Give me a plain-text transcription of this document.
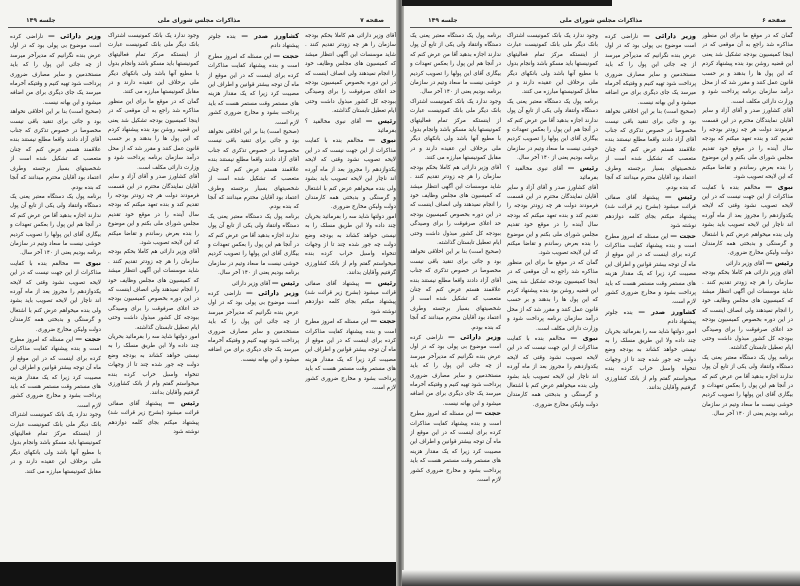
صفحه ۷
مذاکرات مجلس شورای ملی
جلسه ۱۴۹

آقای وزیر دارائی هم کاملا بحکم بودجه سازمان را هر چه زودتر تقدیم کنند . شاید موسسات این آگهی انتظار میشد که کمیسیون های مجلس وظایف خود را انجام نمیدهند ولی انصاف اینست که در این دوره بخصوص کمیسیون بودجه حد اعلای صرفوقت را برای وصیدگی ببودجه کل کشور مبذول داشت وحتی ایام تعطیل تابستان گذاشته.

رئیس — آقای نبوی مخالفید ؟ بفرمائید

نبوی — مخالفم بنده با کفایت مذاکرات از این جهت نیست که در این لایحه تصویب نشود وقتی که لایحه یکدوازدهم را مجروز بعد از ماه آورده اند ناچار این لایحه تصویب باید بشود ولی بنده میخواهم عرض کنم با اشتغال و گرسنگی و بدبختی همه کارمندان دولت ولیکن مخارج ضروری.

امور دولتها شاید سه را بفرمائید بحریان چند داده ولا این طریق مسلک را به نیستی خواهد کشاند به بودجه وضع دولت چه جور شده چند تا از وجهات تنخواه واسبل خراب کرده بنده میخواستم گفتم وام از بانک کشاورزی گرفتیم وآقایان بدانند.

رئیس — پیشنهاد آقای صفائی قرائت میشود (بشرح زیر قرائت شد) پیشنهاد میکنم بجای کلمه دوازدهم نوشته شود

حجت — این مسئله که امروز مطرح است و بنده پیشنهاد کفایت مذاکرات کرده برای اینست که در این موقع از ماه آن توجه بیشتر قوانین و اطراف این مصیبت کرد زیرا که یک مقدار هزینه های مستمر وقت مستمر هست که باید پرداخت بشود و مخارج ضروری کشور لازم است.

کشاورز صدر — بنده جلوتر پیشنهاد دادم

حجت — این مسئله که امروز مطرح است و بنده پیشنهاد کفایت مذاکرات کرده برای اینست که در این موقع از ماه آن توجه بیشتر قوانین و اطراف این مصیبت کرد زیرا که یک مقدار هزینه های مستمر وقت مستمر هست که باید پرداخت بشود و مخارج ضروری کشور لازم است.

(صحیح است) بنا بر این اخلاقی نخواهد بود و جائی برای تنقید باقی نیست مخصوصا در خصوص تذکری که جناب آقای آزاد دادند واقعا مطلع نیستند بنده علاقمند هستم عرض کنم که چنان متعصب که تشکیل شده است از شخصیتهای بسیار برجسته وطرف اعتماد بود آقایان محترم میدانند که آنجا که بنده بودم.

برنامه پول یک دستگاه معتبر یعنی یک دستگاه وانتقاد ولی یکی از تابع آن پول ندارند اجازه بدهید آقا من عرض کنم که در آنجا هم این پول را بعکس تعهدات و بیگاری آقای این پولها را تصویب کردیم خوشی نیست ما سعاد وتیم در سازمان برنامه بودیم یعنی از ۱۴۰ آخر سال.

رئیس — آقای وزیر دارائی

وزیر دارائی — ناراضی کرده است موضوع بی پولی بود که در اول عرض بنده نگرانیم که مدیرآخر میرسد از چه جائی این پول را که باید مستخدمین و سایر مصارف ضروری پرداخت شود تهیه کنیم و وقتیکه آخرماه میرسد یک جای دیگری برای من اضافه میشود و این بهانه نیست.

وجود ندارد یک بانک کمونیست اشتراک بانک دیگر ملی بانک کمونیست عبارت از اینستکه مرکز تمام فعالیتهای کمونیستها باید مسکو باشد وانجام بدول با مطیع آنها باشد ولی بانکهای دیگر ملی برخلاف این عقیده دارند و در مقابل کمونیستها مبارزه می کنند.

گمان که در موقع ما برای این منظور مذاکره شد راجع به آن موقعی که در اینجا کمیسیون بودجه تشکیل شد یعنی این قضیه روشن بود بنده پیشنهاد کردم که این پول ها را بدهند و بر حسب قانون عمل کنند و مقرر شد که از محل درآمد سازمان برنامه پرداخت شود و وزارت دارائی مکلف است.

آقای کشاورز صدر و آقای آزاد و سایر آقایان نمایندگان محترم در این قسمت فرمودند دولت هر چه زودتر بودجه را تقدیم کند و بنده تعهد میکنم که بودجه سال آینده را در موقع خود تقدیم مجلس شورای ملی بکنم و این موضوع را بنده بعرض رساندم و تقاضا میکنم که این لایحه تصویب شود.

آقای وزیر دارائی هم کاملا بحکم بودجه سازمان را هر چه زودتر تقدیم کنند . شاید موسسات این آگهی انتظار میشد که کمیسیون های مجلس وظایف خود را انجام نمیدهند ولی انصاف اینست که در این دوره بخصوص کمیسیون بودجه حد اعلای صرفوقت را برای وصیدگی ببودجه کل کشور مبذول داشت وحتی ایام تعطیل تابستان گذاشته.

امور دولتها شاید سه را بفرمائید بحریان چند داده ولا این طریق مسلک را به نیستی خواهد کشاند به بودجه وضع دولت چه جور شده چند تا از وجهات تنخواه واسبل خراب کرده بنده میخواستم گفتم وام از بانک کشاورزی گرفتیم وآقایان بدانند.

رئیس — پیشنهاد آقای صفائی قرائت میشود (بشرح زیر قرائت شد) پیشنهاد میکنم بجای کلمه دوازدهم نوشته شود

وزیر دارائی — ناراضی کرده است موضوع بی پولی بود که در اول عرض بنده نگرانیم که مدیرآخر میرسد از چه جائی این پول را که باید مستخدمین و سایر مصارف ضروری پرداخت شود تهیه کنیم و وقتیکه آخرماه میرسد یک جای دیگری برای من اضافه میشود و این بهانه نیست.

(صحیح است) بنا بر این اخلاقی نخواهد بود و جائی برای تنقید باقی نیست مخصوصا در خصوص تذکری که جناب آقای آزاد دادند واقعا مطلع نیستند بنده علاقمند هستم عرض کنم که چنان متعصب که تشکیل شده است از شخصیتهای بسیار برجسته وطرف اعتماد بود آقایان محترم میدانند که آنجا که بنده بودم.

برنامه پول یک دستگاه معتبر یعنی یک دستگاه وانتقاد ولی یکی از تابع آن پول ندارند اجازه بدهید آقا من عرض کنم که در آنجا هم این پول را بعکس تعهدات و بیگاری آقای این پولها را تصویب کردیم خوشی نیست ما سعاد وتیم در سازمان برنامه بودیم یعنی از ۱۴۰ آخر سال.

نبوی — مخالفم بنده با کفایت مذاکرات از این جهت نیست که در این لایحه تصویب نشود وقتی که لایحه یکدوازدهم را مجروز بعد از ماه آورده اند ناچار این لایحه تصویب باید بشود ولی بنده میخواهم عرض کنم با اشتغال و گرسنگی و بدبختی همه کارمندان دولت ولیکن مخارج ضروری.

حجت — این مسئله که امروز مطرح است و بنده پیشنهاد کفایت مذاکرات کرده برای اینست که در این موقع از ماه آن توجه بیشتر قوانین و اطراف این مصیبت کرد زیرا که یک مقدار هزینه های مستمر وقت مستمر هست که باید پرداخت بشود و مخارج ضروری کشور لازم است.

وجود ندارد یک بانک کمونیست اشتراک بانک دیگر ملی بانک کمونیست عبارت از اینستکه مرکز تمام فعالیتهای کمونیستها باید مسکو باشد وانجام بدول با مطیع آنها باشد ولی بانکهای دیگر ملی برخلاف این عقیده دارند و در مقابل کمونیستها مبارزه می کنند.

صفحه ۶
مذاکرات مجلس شورای ملی
جلسه ۱۴۹

گمان که در موقع ما برای این منظور مذاکره شد راجع به آن موقعی که در اینجا کمیسیون بودجه تشکیل شد یعنی این قضیه روشن بود بنده پیشنهاد کردم که این پول ها را بدهند و بر حسب قانون عمل کنند و مقرر شد که از محل درآمد سازمان برنامه پرداخت شود و وزارت دارائی مکلف است.

آقای کشاورز صدر و آقای آزاد و سایر آقایان نمایندگان محترم در این قسمت فرمودند دولت هر چه زودتر بودجه را تقدیم کند و بنده تعهد میکنم که بودجه سال آینده را در موقع خود تقدیم مجلس شورای ملی بکنم و این موضوع را بنده بعرض رساندم و تقاضا میکنم که این لایحه تصویب شود.

نبوی — مخالفم بنده با کفایت مذاکرات از این جهت نیست که در این لایحه تصویب نشود وقتی که لایحه یکدوازدهم را مجروز بعد از ماه آورده اند ناچار این لایحه تصویب باید بشود ولی بنده میخواهم عرض کنم با اشتغال و گرسنگی و بدبختی همه کارمندان دولت ولیکن مخارج ضروری.

رئیس — آقای وزیر دارائی

آقای وزیر دارائی هم کاملا بحکم بودجه سازمان را هر چه زودتر تقدیم کنند . شاید موسسات این آگهی انتظار میشد که کمیسیون های مجلس وظایف خود را انجام نمیدهند ولی انصاف اینست که در این دوره بخصوص کمیسیون بودجه حد اعلای صرفوقت را برای وصیدگی ببودجه کل کشور مبذول داشت وحتی ایام تعطیل تابستان گذاشته.

برنامه پول یک دستگاه معتبر یعنی یک دستگاه وانتقاد ولی یکی از تابع آن پول ندارند اجازه بدهید آقا من عرض کنم که در آنجا هم این پول را بعکس تعهدات و بیگاری آقای این پولها را تصویب کردیم خوشی نیست ما سعاد وتیم در سازمان برنامه بودیم یعنی از ۱۴۰ آخر سال.

وزیر دارائی — ناراضی کرده است موضوع بی پولی بود که در اول عرض بنده نگرانیم که مدیرآخر میرسد از چه جائی این پول را که باید مستخدمین و سایر مصارف ضروری پرداخت شود تهیه کنیم و وقتیکه آخرماه میرسد یک جای دیگری برای من اضافه میشود و این بهانه نیست.

(صحیح است) بنا بر این اخلاقی نخواهد بود و جائی برای تنقید باقی نیست مخصوصا در خصوص تذکری که جناب آقای آزاد دادند واقعا مطلع نیستند بنده علاقمند هستم عرض کنم که چنان متعصب که تشکیل شده است از شخصیتهای بسیار برجسته وطرف اعتماد بود آقایان محترم میدانند که آنجا که بنده بودم.

رئیس — پیشنهاد آقای صفائی قرائت میشود (بشرح زیر قرائت شد) پیشنهاد میکنم بجای کلمه دوازدهم نوشته شود

حجت — این مسئله که امروز مطرح است و بنده پیشنهاد کفایت مذاکرات کرده برای اینست که در این موقع از ماه آن توجه بیشتر قوانین و اطراف این مصیبت کرد زیرا که یک مقدار هزینه های مستمر وقت مستمر هست که باید پرداخت بشود و مخارج ضروری کشور لازم است.

کشاورز صدر — بنده جلوتر پیشنهاد دادم

امور دولتها شاید سه را بفرمائید بحریان چند داده ولا این طریق مسلک را به نیستی خواهد کشاند به بودجه وضع دولت چه جور شده چند تا از وجهات تنخواه واسبل خراب کرده بنده میخواستم گفتم وام از بانک کشاورزی گرفتیم وآقایان بدانند.

وجود ندارد یک بانک کمونیست اشتراک بانک دیگر ملی بانک کمونیست عبارت از اینستکه مرکز تمام فعالیتهای کمونیستها باید مسکو باشد وانجام بدول با مطیع آنها باشد ولی بانکهای دیگر ملی برخلاف این عقیده دارند و در مقابل کمونیستها مبارزه می کنند.

برنامه پول یک دستگاه معتبر یعنی یک دستگاه وانتقاد ولی یکی از تابع آن پول ندارند اجازه بدهید آقا من عرض کنم که در آنجا هم این پول را بعکس تعهدات و بیگاری آقای این پولها را تصویب کردیم خوشی نیست ما سعاد وتیم در سازمان برنامه بودیم یعنی از ۱۴۰ آخر سال.

رئیس — آقای نبوی مخالفید ؟ بفرمائید

آقای کشاورز صدر و آقای آزاد و سایر آقایان نمایندگان محترم در این قسمت فرمودند دولت هر چه زودتر بودجه را تقدیم کند و بنده تعهد میکنم که بودجه سال آینده را در موقع خود تقدیم مجلس شورای ملی بکنم و این موضوع را بنده بعرض رساندم و تقاضا میکنم که این لایحه تصویب شود.

گمان که در موقع ما برای این منظور مذاکره شد راجع به آن موقعی که در اینجا کمیسیون بودجه تشکیل شد یعنی این قضیه روشن بود بنده پیشنهاد کردم که این پول ها را بدهند و بر حسب قانون عمل کنند و مقرر شد که از محل درآمد سازمان برنامه پرداخت شود و وزارت دارائی مکلف است.

نبوی — مخالفم بنده با کفایت مذاکرات از این جهت نیست که در این لایحه تصویب نشود وقتی که لایحه یکدوازدهم را مجروز بعد از ماه آورده اند ناچار این لایحه تصویب باید بشود ولی بنده میخواهم عرض کنم با اشتغال و گرسنگی و بدبختی همه کارمندان دولت ولیکن مخارج ضروری.

برنامه پول یک دستگاه معتبر یعنی یک دستگاه وانتقاد ولی یکی از تابع آن پول ندارند اجازه بدهید آقا من عرض کنم که در آنجا هم این پول را بعکس تعهدات و بیگاری آقای این پولها را تصویب کردیم خوشی نیست ما سعاد وتیم در سازمان برنامه بودیم یعنی از ۱۴۰ آخر سال.

وجود ندارد یک بانک کمونیست اشتراک بانک دیگر ملی بانک کمونیست عبارت از اینستکه مرکز تمام فعالیتهای کمونیستها باید مسکو باشد وانجام بدول با مطیع آنها باشد ولی بانکهای دیگر ملی برخلاف این عقیده دارند و در مقابل کمونیستها مبارزه می کنند.

آقای وزیر دارائی هم کاملا بحکم بودجه سازمان را هر چه زودتر تقدیم کنند . شاید موسسات این آگهی انتظار میشد که کمیسیون های مجلس وظایف خود را انجام نمیدهند ولی انصاف اینست که در این دوره بخصوص کمیسیون بودجه حد اعلای صرفوقت را برای وصیدگی ببودجه کل کشور مبذول داشت وحتی ایام تعطیل تابستان گذاشته.

(صحیح است) بنا بر این اخلاقی نخواهد بود و جائی برای تنقید باقی نیست مخصوصا در خصوص تذکری که جناب آقای آزاد دادند واقعا مطلع نیستند بنده علاقمند هستم عرض کنم که چنان متعصب که تشکیل شده است از شخصیتهای بسیار برجسته وطرف اعتماد بود آقایان محترم میدانند که آنجا که بنده بودم.

وزیر دارائی — ناراضی کرده است موضوع بی پولی بود که در اول عرض بنده نگرانیم که مدیرآخر میرسد از چه جائی این پول را که باید مستخدمین و سایر مصارف ضروری پرداخت شود تهیه کنیم و وقتیکه آخرماه میرسد یک جای دیگری برای من اضافه میشود و این بهانه نیست.

حجت — این مسئله که امروز مطرح است و بنده پیشنهاد کفایت مذاکرات کرده برای اینست که در این موقع از ماه آن توجه بیشتر قوانین و اطراف این مصیبت کرد زیرا که یک مقدار هزینه های مستمر وقت مستمر هست که باید پرداخت بشود و مخارج ضروری کشور لازم است.
